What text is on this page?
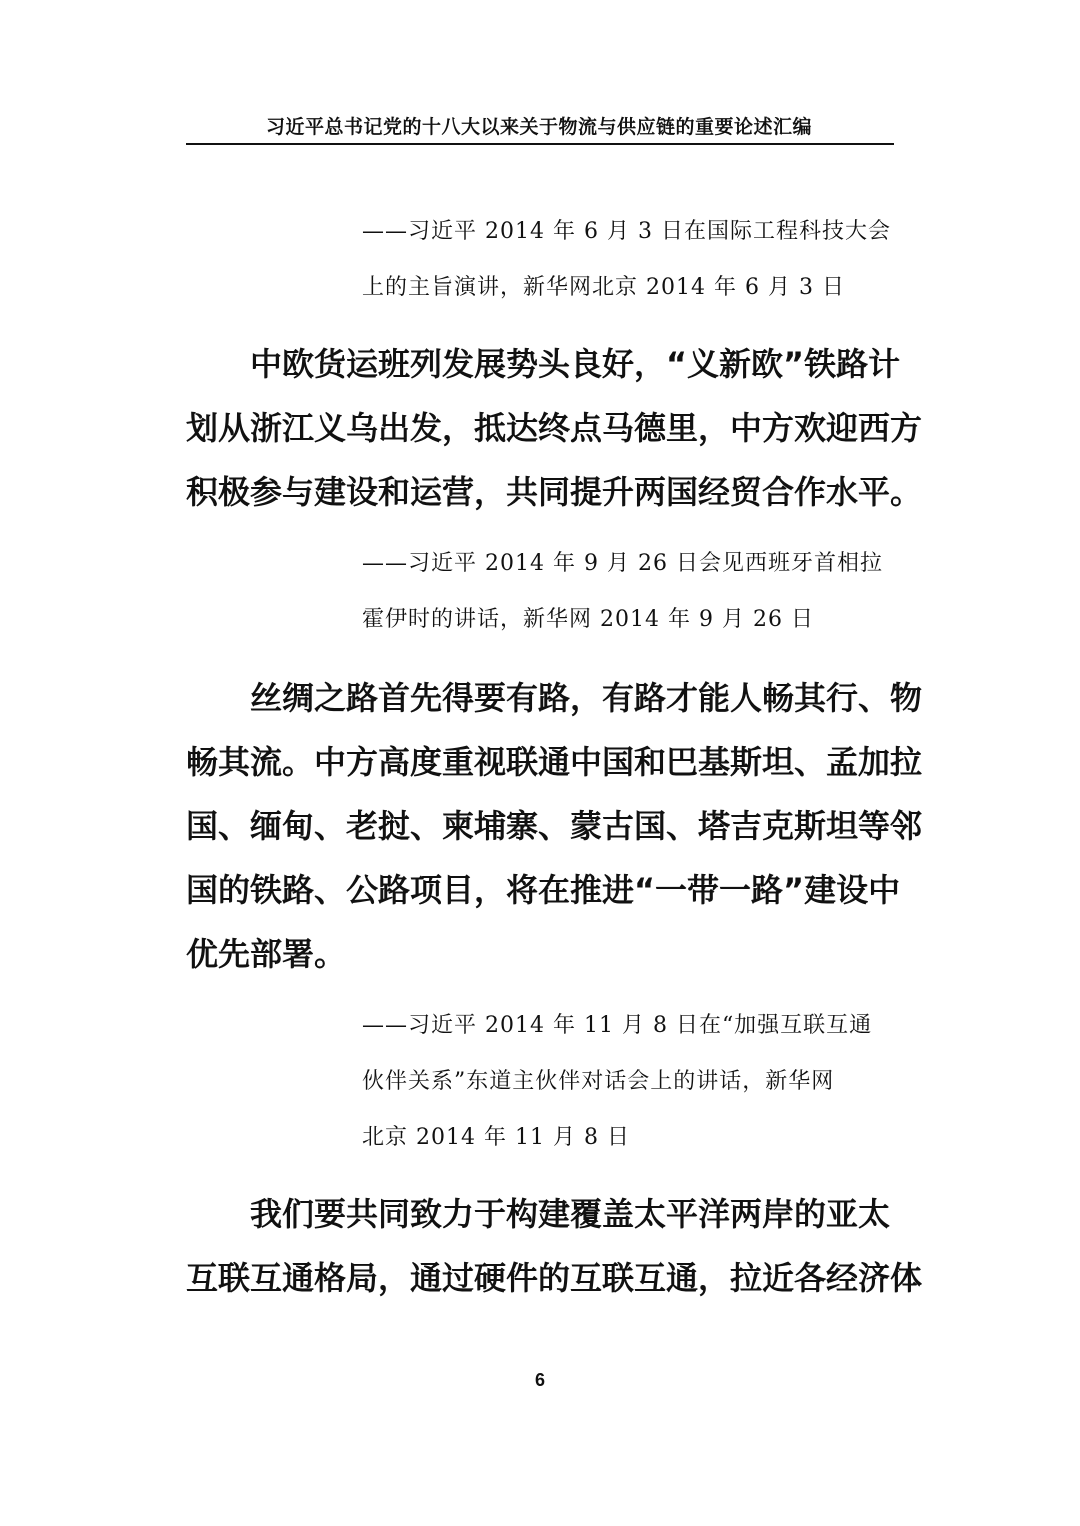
习近平总书记党的十八大以来关于物流与供应链的重要论述汇编
——习近平 2014 年 6 月 3 日在国际工程科技大会
上的主旨演讲，新华网北京 2014 年 6 月 3 日
　　中欧货运班列发展势头良好，“义新欧”铁路计
划从浙江义乌出发，抵达终点马德里，中方欢迎西方
积极参与建设和运营，共同提升两国经贸合作水平。
——习近平 2014 年 9 月 26 日会见西班牙首相拉
霍伊时的讲话，新华网 2014 年 9 月 26 日
　　丝绸之路首先得要有路，有路才能人畅其行、物
畅其流。中方高度重视联通中国和巴基斯坦、孟加拉
国、缅甸、老挝、柬埔寨、蒙古国、塔吉克斯坦等邻
国的铁路、公路项目，将在推进“一带一路”建设中
优先部署。
——习近平 2014 年 11 月 8 日在“加强互联互通
伙伴关系”东道主伙伴对话会上的讲话，新华网
北京 2014 年 11 月 8 日
　　我们要共同致力于构建覆盖太平洋两岸的亚太
互联互通格局，通过硬件的互联互通，拉近各经济体
6
